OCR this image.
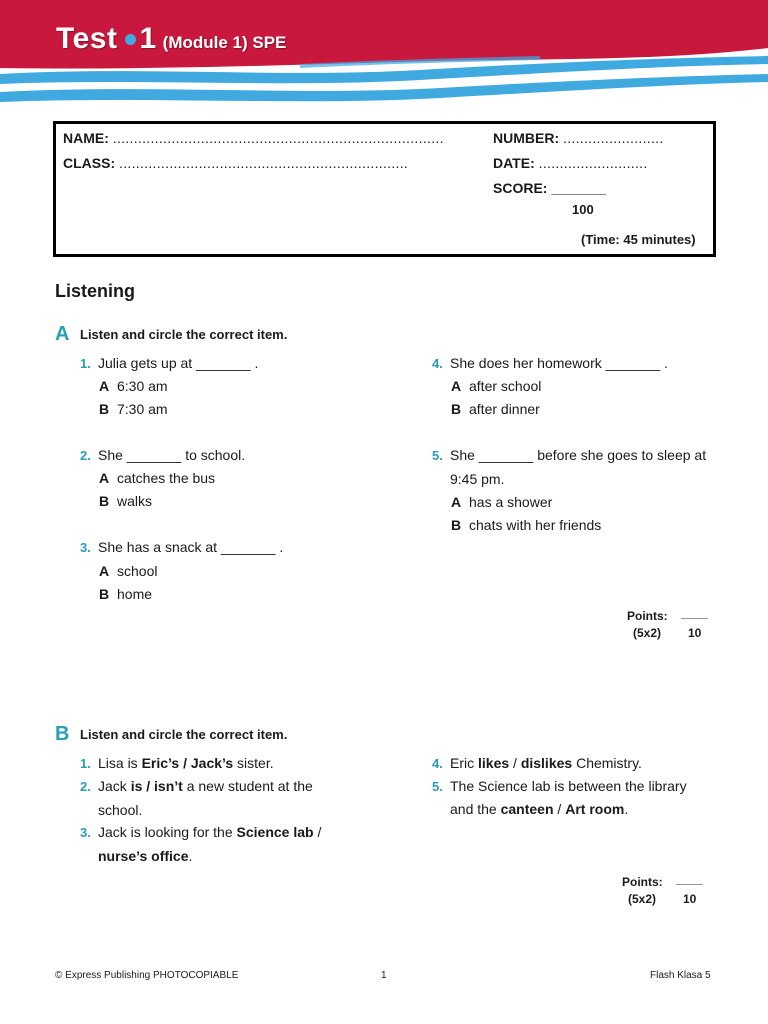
Test 1 (Module 1) SPE
NAME: ...............................................................................	NUMBER: ........................
CLASS: .....................................................................	DATE: ..........................
SCORE: _______
100
(Time: 45 minutes)
Listening
A Listen and circle the correct item.
1. Julia gets up at _______ .
A 6:30 am
B 7:30 am
2. She _______ to school.
A catches the bus
B walks
3. She has a snack at _______ .
A school
B home
4. She does her homework _______ .
A after school
B after dinner
5. She _______ before she goes to sleep at
9:45 pm.
A has a shower
B chats with her friends
Points: ____
(5x2) 10
B Listen and circle the correct item.
1. Lisa is Eric’s / Jack’s sister.
2. Jack is / isn’t a new student at the
school.
3. Jack is looking for the Science lab /
nurse’s office.
4. Eric likes / dislikes Chemistry.
5. The Science lab is between the library
and the canteen / Art room.
Points: ____
(5x2) 10
© Express Publishing PHOTOCOPIABLE	1	Flash Klasa 5
